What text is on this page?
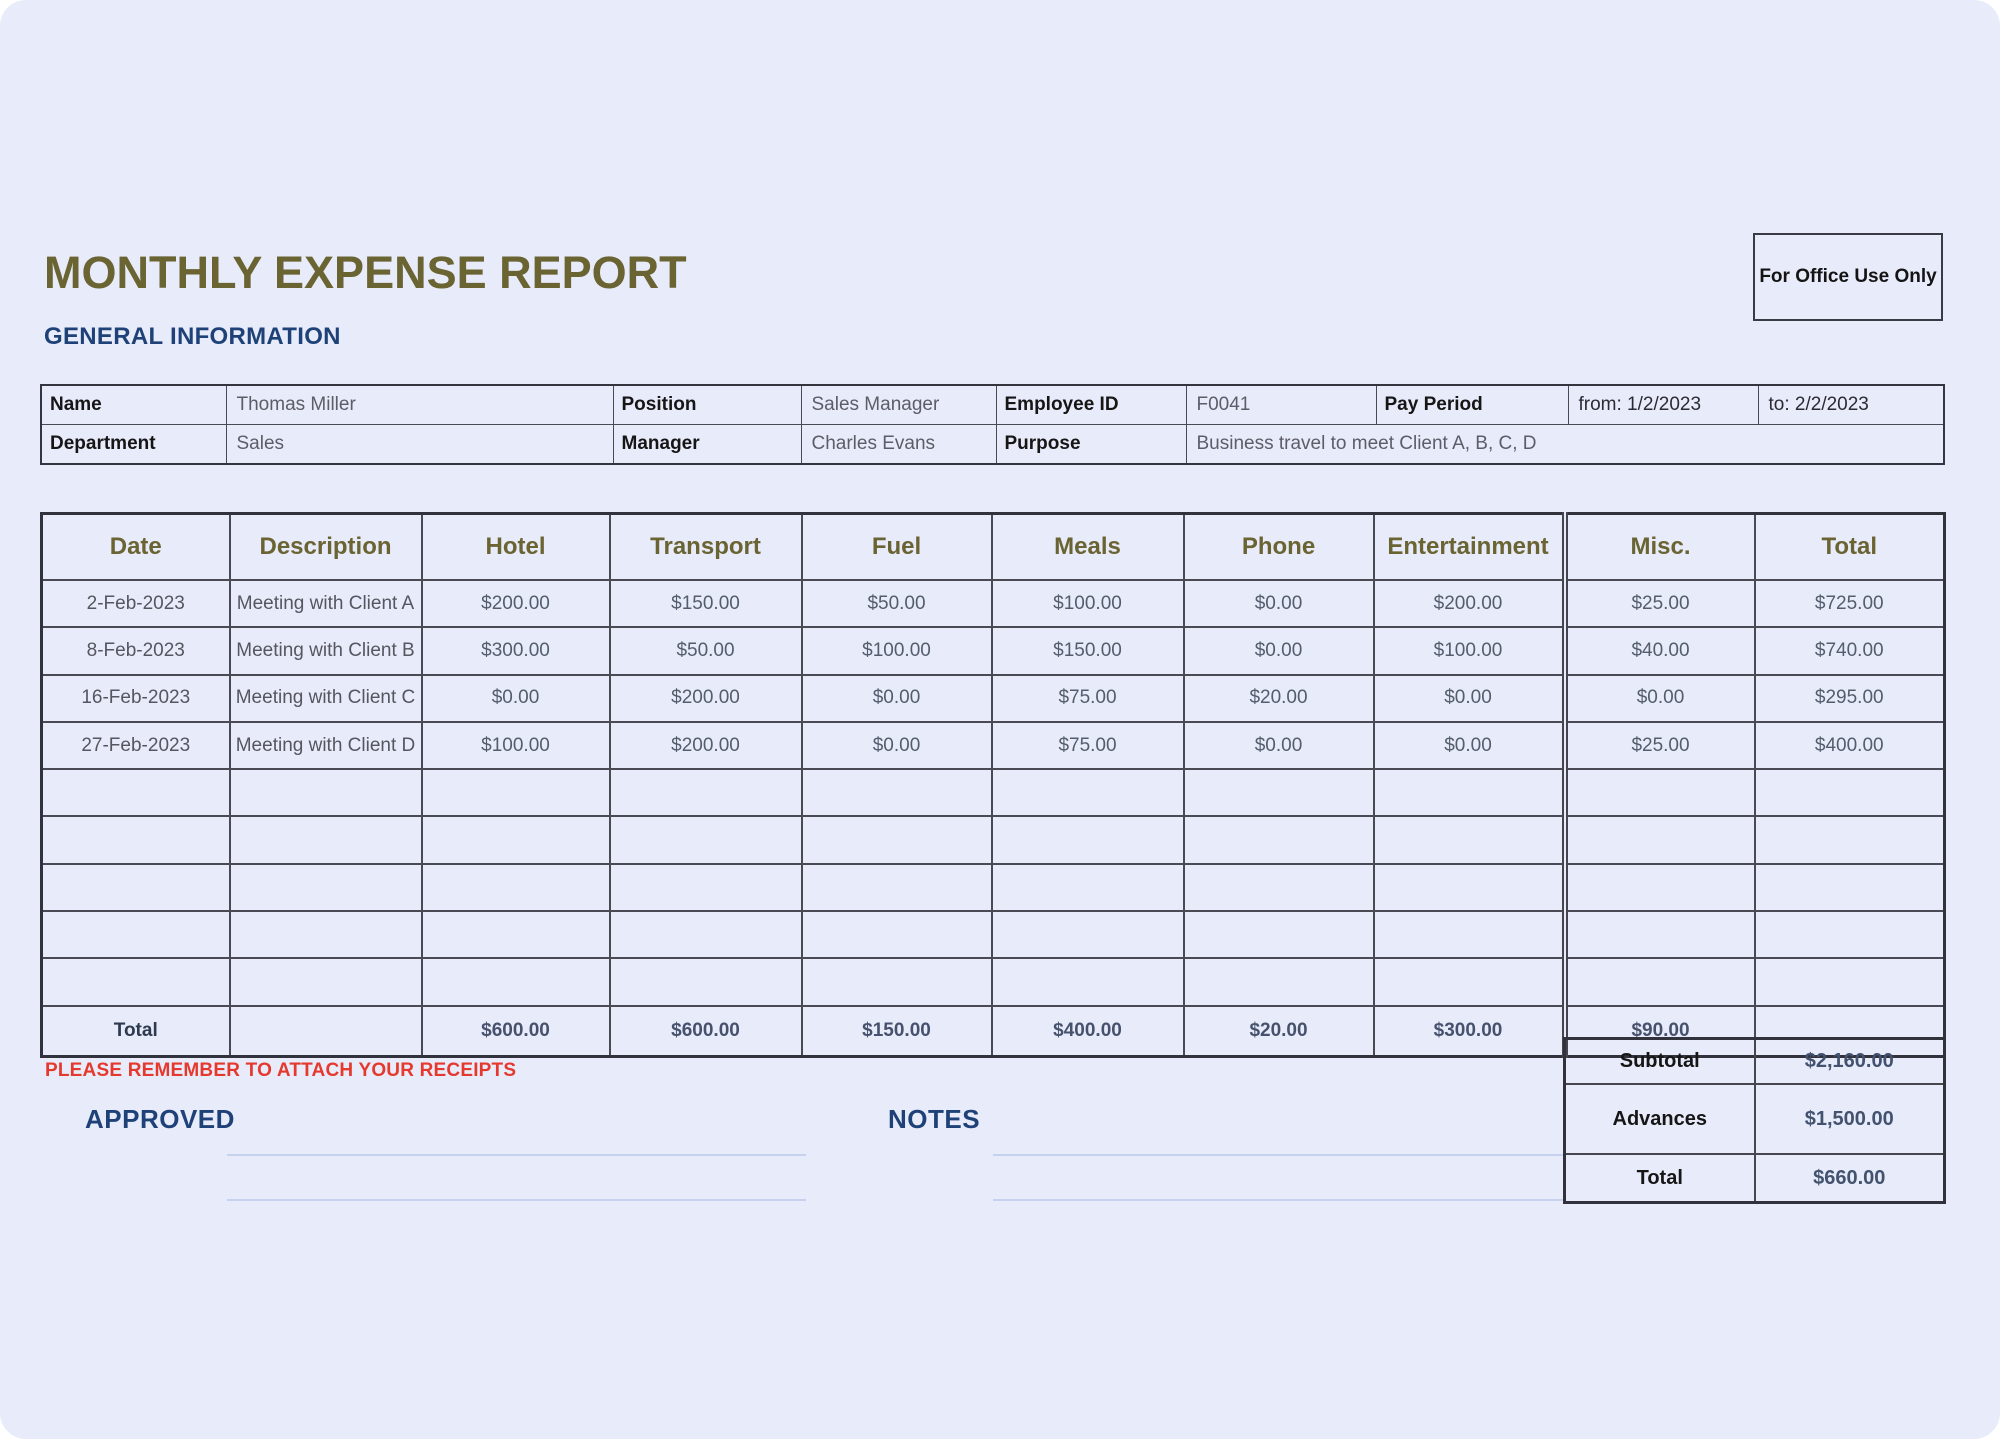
MONTHLY EXPENSE REPORT	For Office Use Only
GENERAL INFORMATION
Name	Thomas Miller	Position	Sales Manager	Employee ID	F0041	Pay Period	from: 1/2/2023	to: 2/2/2023
Department	Sales	Manager	Charles Evans	Purpose	Business travel to meet Client A, B, C, D			
Date	Description	Hotel	Transport	Fuel	Meals	Phone	Entertainment	Misc.	Total
2-Feb-2023	Meeting with Client A	$200.00	$150.00	$50.00	$100.00	$0.00	$200.00	$25.00	$725.00
8-Feb-2023	Meeting with Client B	$300.00	$50.00	$100.00	$150.00	$0.00	$100.00	$40.00	$740.00
16-Feb-2023	Meeting with Client C	$0.00	$200.00	$0.00	$75.00	$20.00	$0.00	$0.00	$295.00
27-Feb-2023	Meeting with Client D	$100.00	$200.00	$0.00	$75.00	$0.00	$0.00	$25.00	$400.00

Total		$600.00	$600.00	$150.00	$400.00	$20.00	$300.00	$90.00	
PLEASE REMEMBER TO ATTACH YOUR RECEIPTS
APPROVED	NOTES
Subtotal	$2,160.00
Advances	$1,500.00
Total	$660.00
